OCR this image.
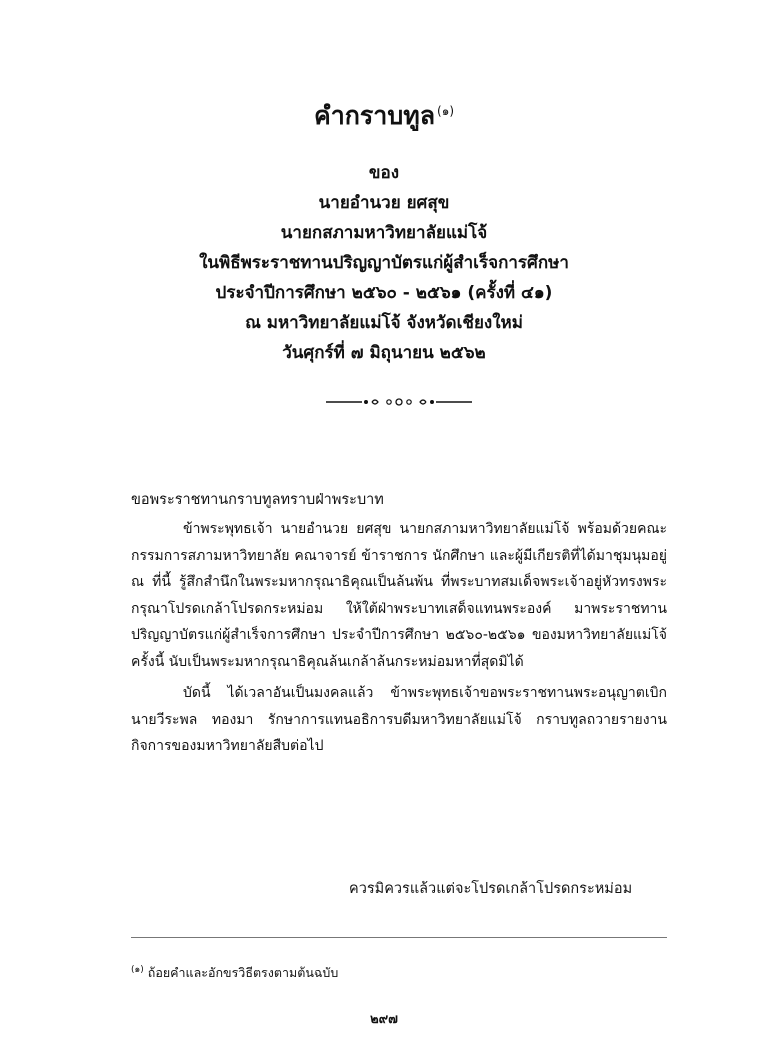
คำกราบทูล $^{(๑)}$
ของ
นายอำนวย ยศสุข
นายกสภามหาวิทยาลัยแม่โจ้
ในพิธีพระราชทานปริญญาบัตรแก่ผู้สำเร็จการศึกษา
ประจำปีการศึกษา ๒๕๖๐ - ๒๕๖๑ (ครั้งที่ ๔๑)
ณ มหาวิทยาลัยแม่โจ้ จังหวัดเชียงใหม่
วันศุกร์ที่ ๗ มิถุนายน ๒๕๖๒
ขอพระราชทานกราบทูลทราบฝ่าพระบาท

ข้าพระพุทธเจ้า นายอำนวย ยศสุข นายกสภามหาวิทยาลัยแม่โจ้ พร้อมด้วยคณะกรรมการสภามหาวิทยาลัย คณาจารย์ ข้าราชการ นักศึกษา และผู้มีเกียรติที่ได้มาชุมนุมอยู่ ณ ที่นี้ รู้สึกสำนึกในพระมหากรุณาธิคุณเป็นล้นพ้น ที่พระบาทสมเด็จพระเจ้าอยู่หัวทรงพระกรุณาโปรดเกล้าโปรดกระหม่อม ให้ใต้ฝ่าพระบาทเสด็จแทนพระองค์ มาพระราชทานปริญญาบัตรแก่ผู้สำเร็จการศึกษา ประจำปีการศึกษา ๒๕๖๐-๒๕๖๑ ของมหาวิทยาลัยแม่โจ้ครั้งนี้ นับเป็นพระมหากรุณาธิคุณล้นเกล้าล้นกระหม่อมหาที่สุดมิได้

บัดนี้ ได้เวลาอันเป็นมงคลแล้ว ข้าพระพุทธเจ้าขอพระราชทานพระอนุญาตเบิกนายวีระพล ทองมา รักษาการแทนอธิการบดีมหาวิทยาลัยแม่โจ้ กราบทูลถวายรายงานกิจการของมหาวิทยาลัยสืบต่อไป

ควรมิควรแล้วแต่จะโปรดเกล้าโปรดกระหม่อม
$^{(๑)}$ ถ้อยคำและอักขรวิธีตรงตามต้นฉบับ
๒๙๗
